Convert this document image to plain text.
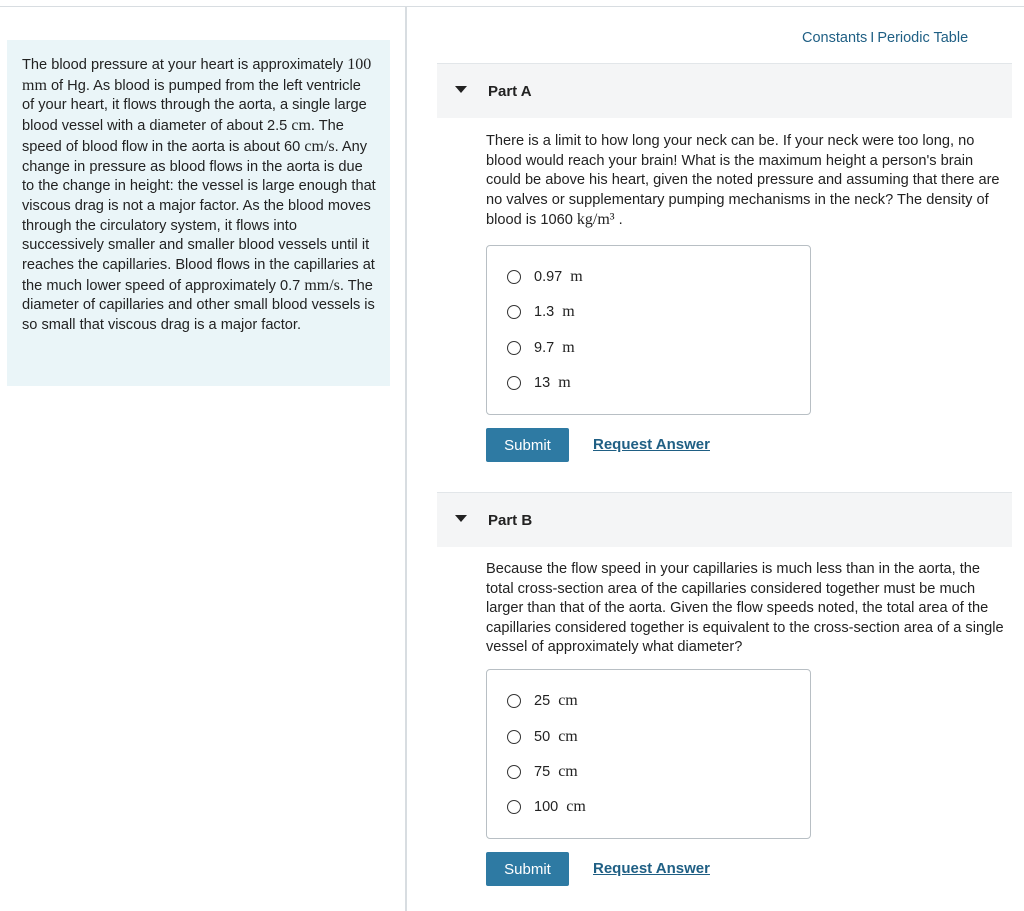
The blood pressure at your heart is approximately 100 mm of Hg. As blood is pumped from the left ventricle of your heart, it flows through the aorta, a single large blood vessel with a diameter of about 2.5 cm. The speed of blood flow in the aorta is about 60 cm/s. Any change in pressure as blood flows in the aorta is due to the change in height: the vessel is large enough that viscous drag is not a major factor. As the blood moves through the circulatory system, it flows into successively smaller and smaller blood vessels until it reaches the capillaries. Blood flows in the capillaries at the much lower speed of approximately 0.7 mm/s. The diameter of capillaries and other small blood vessels is so small that viscous drag is a major factor.
Constants I Periodic Table
Part A
There is a limit to how long your neck can be. If your neck were too long, no blood would reach your brain! What is the maximum height a person's brain could be above his heart, given the noted pressure and assuming that there are no valves or supplementary pumping mechanisms in the neck? The density of blood is 1060 kg/m³ .
0.97 m
1.3 m
9.7 m
13 m
Submit	Request Answer
Part B
Because the flow speed in your capillaries is much less than in the aorta, the total cross-section area of the capillaries considered together must be much larger than that of the aorta. Given the flow speeds noted, the total area of the capillaries considered together is equivalent to the cross-section area of a single vessel of approximately what diameter?
25 cm
50 cm
75 cm
100 cm
Submit	Request Answer
